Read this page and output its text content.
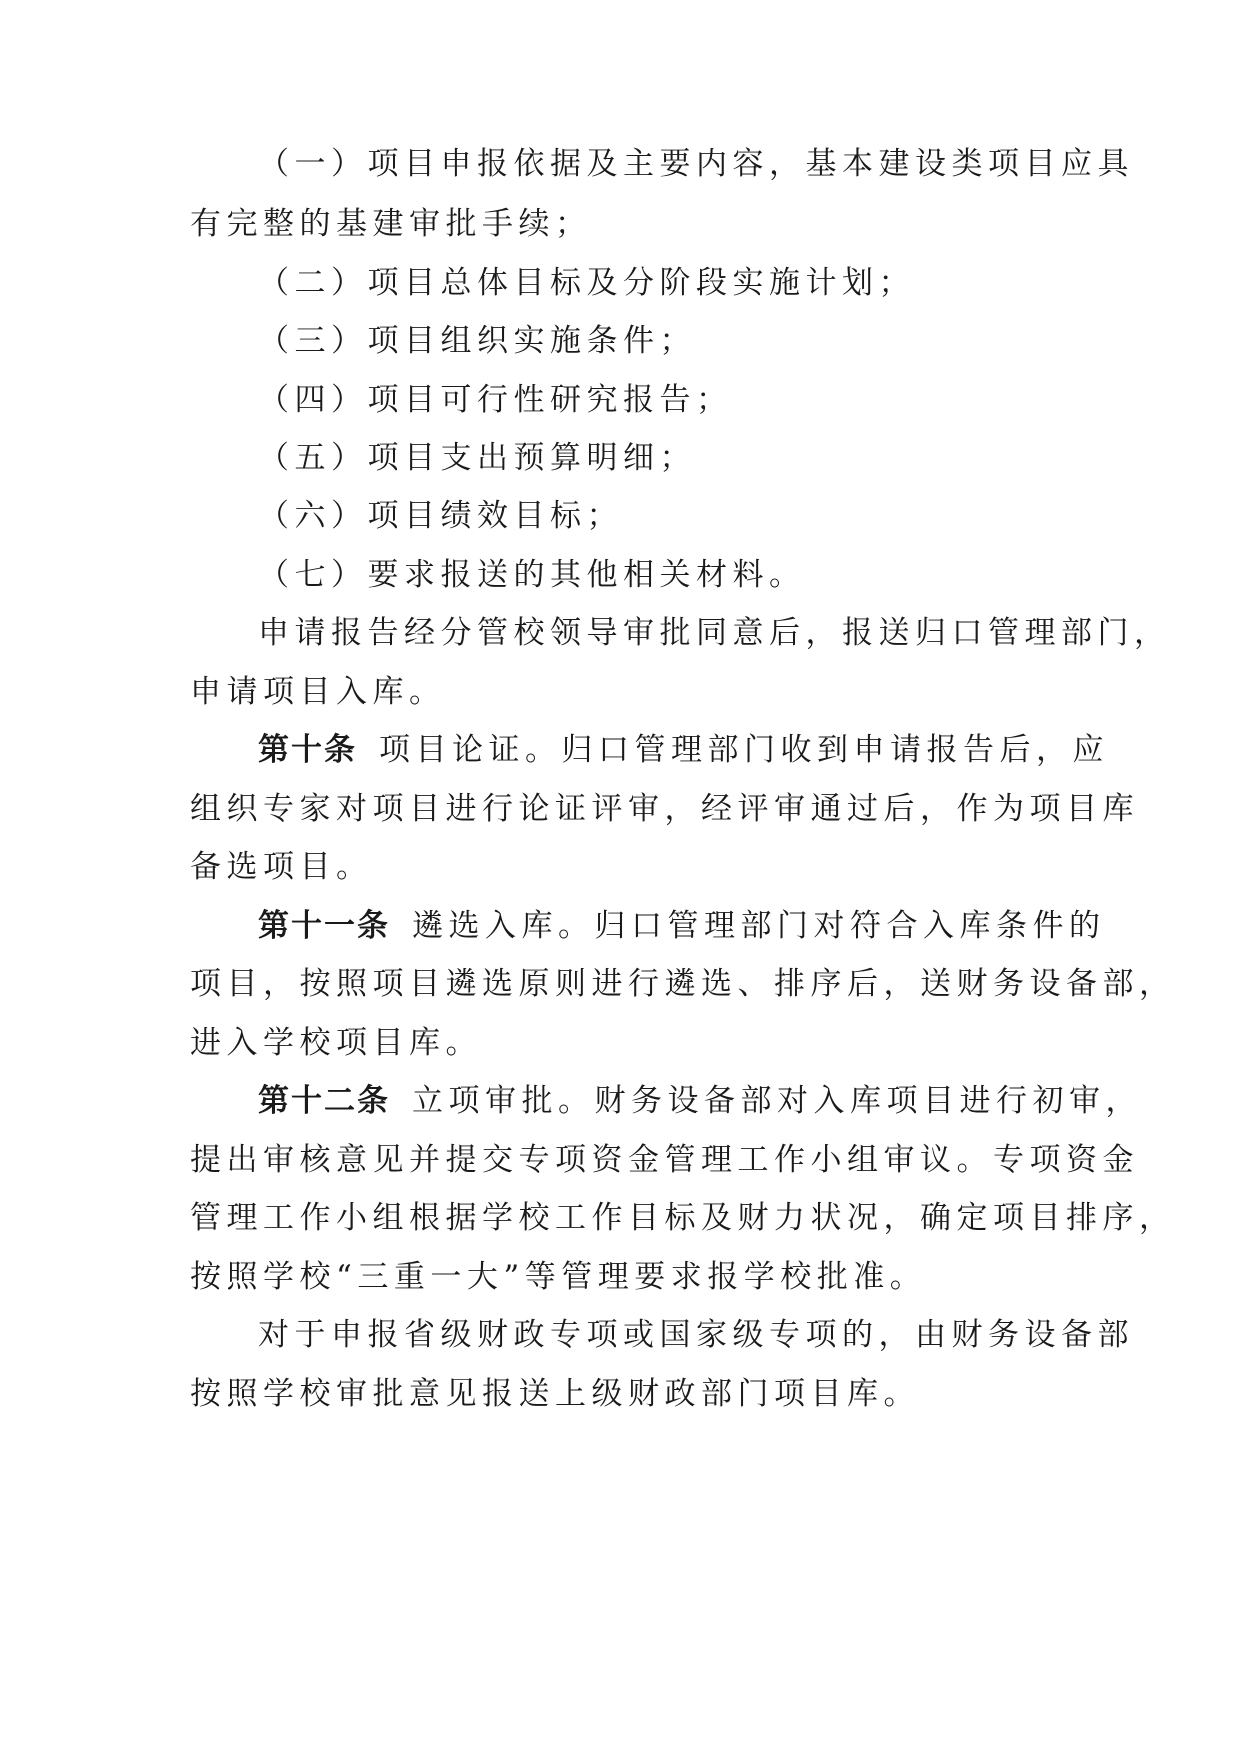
（一）项目申报依据及主要内容，基本建设类项目应具
有完整的基建审批手续；
（二）项目总体目标及分阶段实施计划；
（三）项目组织实施条件；
（四）项目可行性研究报告；
（五）项目支出预算明细；
（六）项目绩效目标；
（七）要求报送的其他相关材料。
申请报告经分管校领导审批同意后，报送归口管理部门，
申请项目入库。
第十条 项目论证。归口管理部门收到申请报告后，应
组织专家对项目进行论证评审，经评审通过后，作为项目库
备选项目。
第十一条 遴选入库。归口管理部门对符合入库条件的
项目，按照项目遴选原则进行遴选、排序后，送财务设备部，
进入学校项目库。
第十二条 立项审批。财务设备部对入库项目进行初审，
提出审核意见并提交专项资金管理工作小组审议。专项资金
管理工作小组根据学校工作目标及财力状况，确定项目排序，
按照学校“三重一大”等管理要求报学校批准。
对于申报省级财政专项或国家级专项的，由财务设备部
按照学校审批意见报送上级财政部门项目库。
